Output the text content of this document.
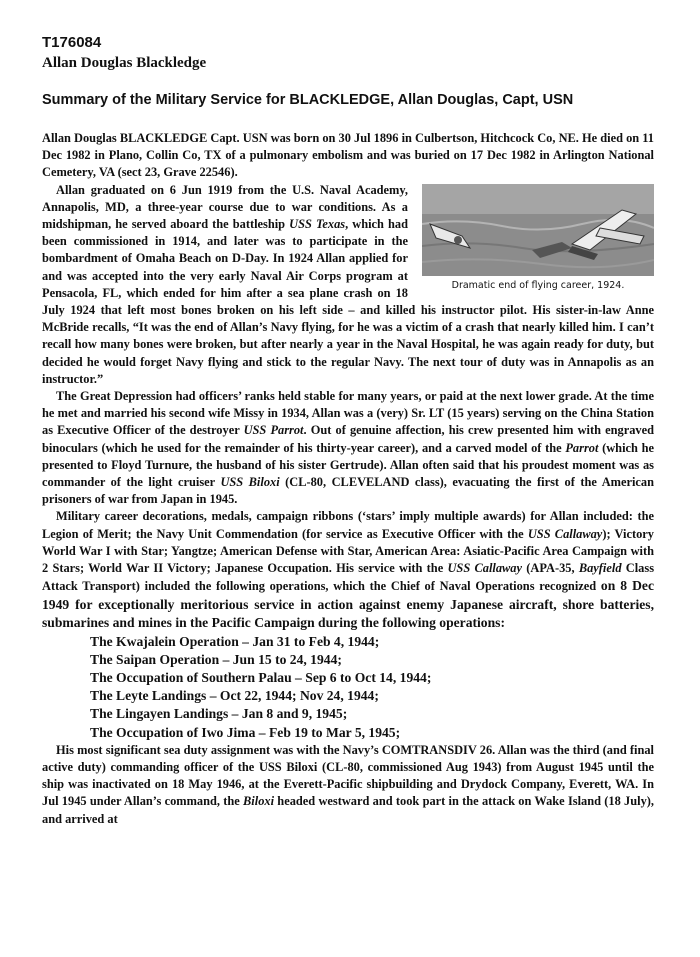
T176084

Allan Douglas Blackledge

Summary of the Military Service for BLACKLEDGE, Allan Douglas, Capt, USN

Allan Douglas BLACKLEDGE Capt. USN was born on 30 Jul 1896 in Culbertson, Hitchcock Co, NE. He died on 11 Dec 1982 in Plano, Collin Co, TX of a pulmonary embolism and was buried on 17 Dec 1982 in Arlington National Cemetery, VA (sect 23, Grave 22546).

Dramatic end of flying career, 1924.

Allan graduated on 6 Jun 1919 from the U.S. Naval Academy, Annapolis, MD, a three-year course due to war conditions. As a midshipman, he served aboard the battleship USS Texas, which had been commissioned in 1914, and later was to participate in the bombardment of Omaha Beach on D-Day. In 1924 Allan applied for and was accepted into the very early Naval Air Corps program at Pensacola, FL, which ended for him after a sea plane crash on 18 July 1924 that left most bones broken on his left side – and killed his instructor pilot. His sister-in-law Anne McBride recalls, “It was the end of Allan’s Navy flying, for he was a victim of a crash that nearly killed him. I can’t recall how many bones were broken, but after nearly a year in the Naval Hospital, he was again ready for duty, but decided he would forget Navy flying and stick to the regular Navy. The next tour of duty was in Annapolis as an instructor.”

The Great Depression had officers’ ranks held stable for many years, or paid at the next lower grade. At the time he met and married his second wife Missy in 1934, Allan was a (very) Sr. LT (15 years) serving on the China Station as Executive Officer of the destroyer USS Parrot. Out of genuine affection, his crew presented him with engraved binoculars (which he used for the remainder of his thirty-year career), and a carved model of the Parrot (which he presented to Floyd Turnure, the husband of his sister Gertrude). Allan often said that his proudest moment was as commander of the light cruiser USS Biloxi (CL-80, CLEVELAND class), evacuating the first of the American prisoners of war from Japan in 1945.

Military career decorations, medals, campaign ribbons (‘stars’ imply multiple awards) for Allan included: the Legion of Merit; the Navy Unit Commendation (for service as Executive Officer with the USS Callaway); Victory World War I with Star; Yangtze; American Defense with Star, American Area: Asiatic-Pacific Area Campaign with 2 Stars; World War II Victory; Japanese Occupation. His service with the USS Callaway (APA-35, Bayfield Class Attack Transport) included the following operations, which the Chief of Naval Operations recognized on 8 Dec 1949 for exceptionally meritorious service in action against enemy Japanese aircraft, shore batteries, submarines and mines in the Pacific Campaign during the following operations:

The Kwajalein Operation – Jan 31 to Feb 4, 1944;
The Saipan Operation – Jun 15 to 24, 1944;
The Occupation of Southern Palau – Sep 6 to Oct 14, 1944;
The Leyte Landings – Oct 22, 1944; Nov 24, 1944;
The Lingayen Landings – Jan 8 and 9, 1945;
The Occupation of Iwo Jima – Feb 19 to Mar 5, 1945;

His most significant sea duty assignment was with the Navy’s COMTRANSDIV 26. Allan was the third (and final active duty) commanding officer of the USS Biloxi (CL-80, commissioned Aug 1943) from August 1945 until the ship was inactivated on 18 May 1946, at the Everett-Pacific shipbuilding and Drydock Company, Everett, WA. In Jul 1945 under Allan’s command, the Biloxi headed westward and took part in the attack on Wake Island (18 July), and arrived at
